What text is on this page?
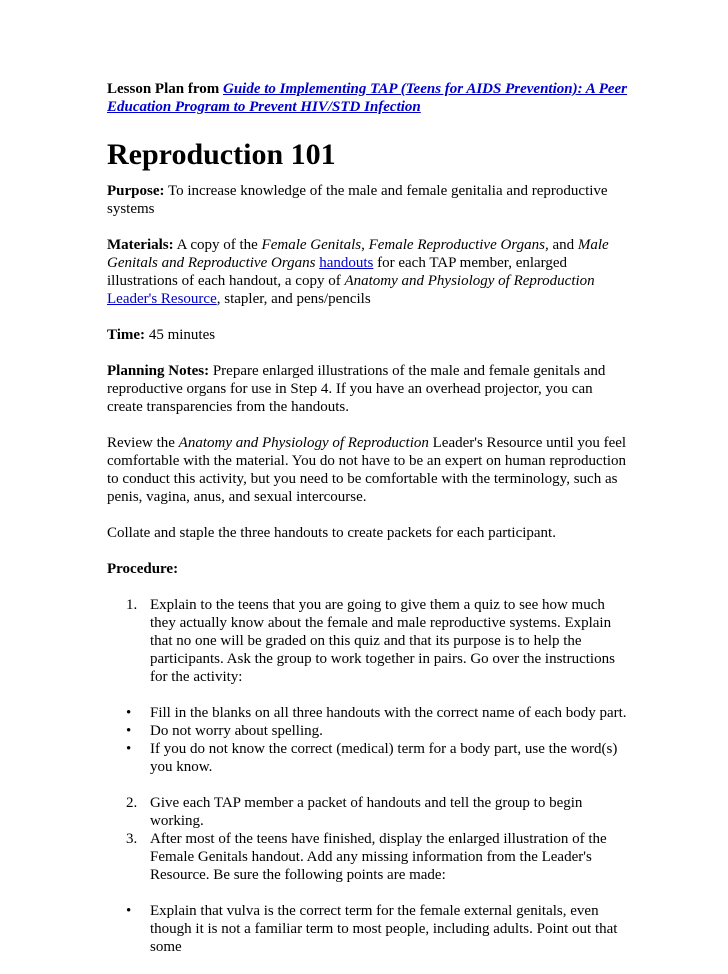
Lesson Plan from Guide to Implementing TAP (Teens for AIDS Prevention): A Peer Education Program to Prevent HIV/STD Infection

Reproduction 101

Purpose: To increase knowledge of the male and female genitalia and reproductive systems

Materials: A copy of the Female Genitals, Female Reproductive Organs, and Male Genitals and Reproductive Organs handouts for each TAP member, enlarged illustrations of each handout, a copy of Anatomy and Physiology of Reproduction Leader's Resource, stapler, and pens/pencils

Time: 45 minutes

Planning Notes: Prepare enlarged illustrations of the male and female genitals and reproductive organs for use in Step 4. If you have an overhead projector, you can create transparencies from the handouts.

Review the Anatomy and Physiology of Reproduction Leader's Resource until you feel comfortable with the material. You do not have to be an expert on human reproduction to conduct this activity, but you need to be comfortable with the terminology, such as penis, vagina, anus, and sexual intercourse.

Collate and staple the three handouts to create packets for each participant.

Procedure:

1. Explain to the teens that you are going to give them a quiz to see how much they actually know about the female and male reproductive systems. Explain that no one will be graded on this quiz and that its purpose is to help the participants. Ask the group to work together in pairs. Go over the instructions for the activity:
• Fill in the blanks on all three handouts with the correct name of each body part.
• Do not worry about spelling.
• If you do not know the correct (medical) term for a body part, use the word(s) you know.
2. Give each TAP member a packet of handouts and tell the group to begin working.
3. After most of the teens have finished, display the enlarged illustration of the Female Genitals handout. Add any missing information from the Leader's Resource. Be sure the following points are made:
• Explain that vulva is the correct term for the female external genitals, even though it is not a familiar term to most people, including adults. Point out that some
